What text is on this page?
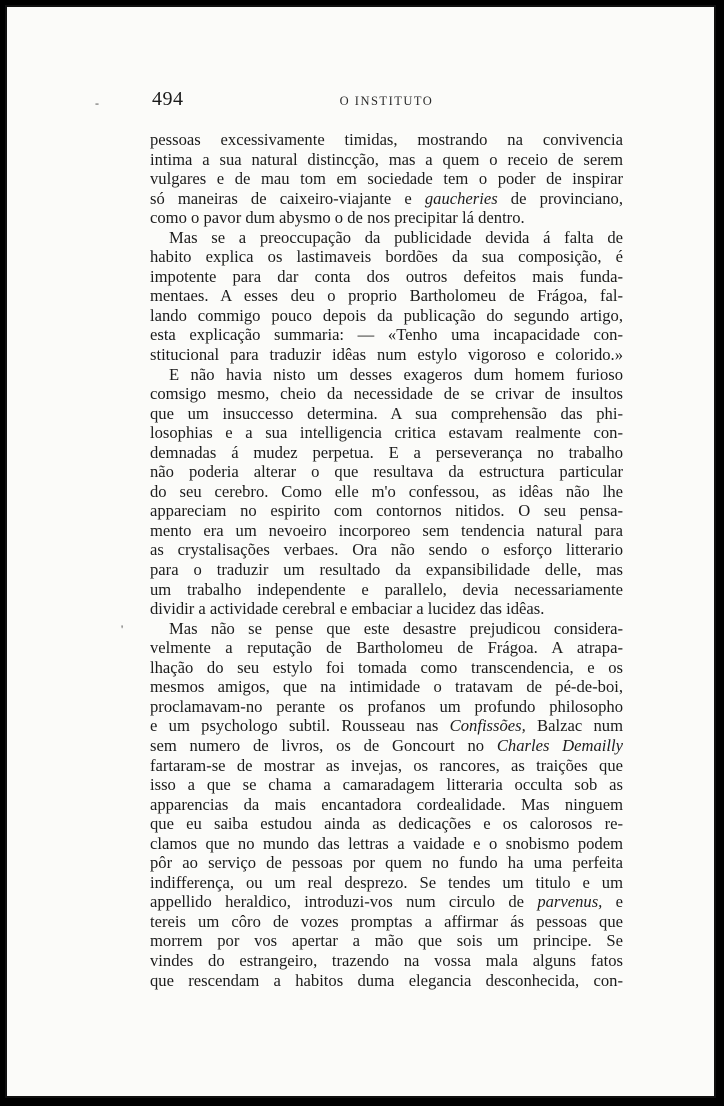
494	O INSTITUTO
-
'
pessoas excessivamente timidas, mostrando na convivencia
intima a sua natural distincção, mas a quem o receio de serem
vulgares e de mau tom em sociedade tem o poder de inspirar
só maneiras de caixeiro-viajante e gaucheries de provinciano,
como o pavor dum abysmo o de nos precipitar lá dentro.
Mas se a preoccupação da publicidade devida á falta de
habito explica os lastimaveis bordões da sua composição, é
impotente para dar conta dos outros defeitos mais funda-
mentaes. A esses deu o proprio Bartholomeu de Frágoa, fal-
lando commigo pouco depois da publicação do segundo artigo,
esta explicação summaria: — «Tenho uma incapacidade con-
stitucional para traduzir idêas num estylo vigoroso e colorido.»
E não havia nisto um desses exageros dum homem furioso
comsigo mesmo, cheio da necessidade de se crivar de insultos
que um insuccesso determina. A sua comprehensão das phi-
losophias e a sua intelligencia critica estavam realmente con-
demnadas á mudez perpetua. E a perseverança no trabalho
não poderia alterar o que resultava da estructura particular
do seu cerebro. Como elle m'o confessou, as idêas não lhe
appareciam no espirito com contornos nitidos. O seu pensa-
mento era um nevoeiro incorporeo sem tendencia natural para
as crystalisações verbaes. Ora não sendo o esforço litterario
para o traduzir um resultado da expansibilidade delle, mas
um trabalho independente e parallelo, devia necessariamente
dividir a actividade cerebral e embaciar a lucidez das idêas.
Mas não se pense que este desastre prejudicou considera-
velmente a reputação de Bartholomeu de Frágoa. A atrapa-
lhação do seu estylo foi tomada como transcendencia, e os
mesmos amigos, que na intimidade o tratavam de pé-de-boi,
proclamavam-no perante os profanos um profundo philosopho
e um psychologo subtil. Rousseau nas Confissões, Balzac num
sem numero de livros, os de Goncourt no Charles Demailly
fartaram-se de mostrar as invejas, os rancores, as traições que
isso a que se chama a camaradagem litteraria occulta sob as
apparencias da mais encantadora cordealidade. Mas ninguem
que eu saiba estudou ainda as dedicações e os calorosos re-
clamos que no mundo das lettras a vaidade e o snobismo podem
pôr ao serviço de pessoas por quem no fundo ha uma perfeita
indifferença, ou um real desprezo. Se tendes um titulo e um
appellido heraldico, introduzi-vos num circulo de parvenus, e
tereis um côro de vozes promptas a affirmar ás pessoas que
morrem por vos apertar a mão que sois um principe. Se
vindes do estrangeiro, trazendo na vossa mala alguns fatos
que rescendam a habitos duma elegancia desconhecida, con-
